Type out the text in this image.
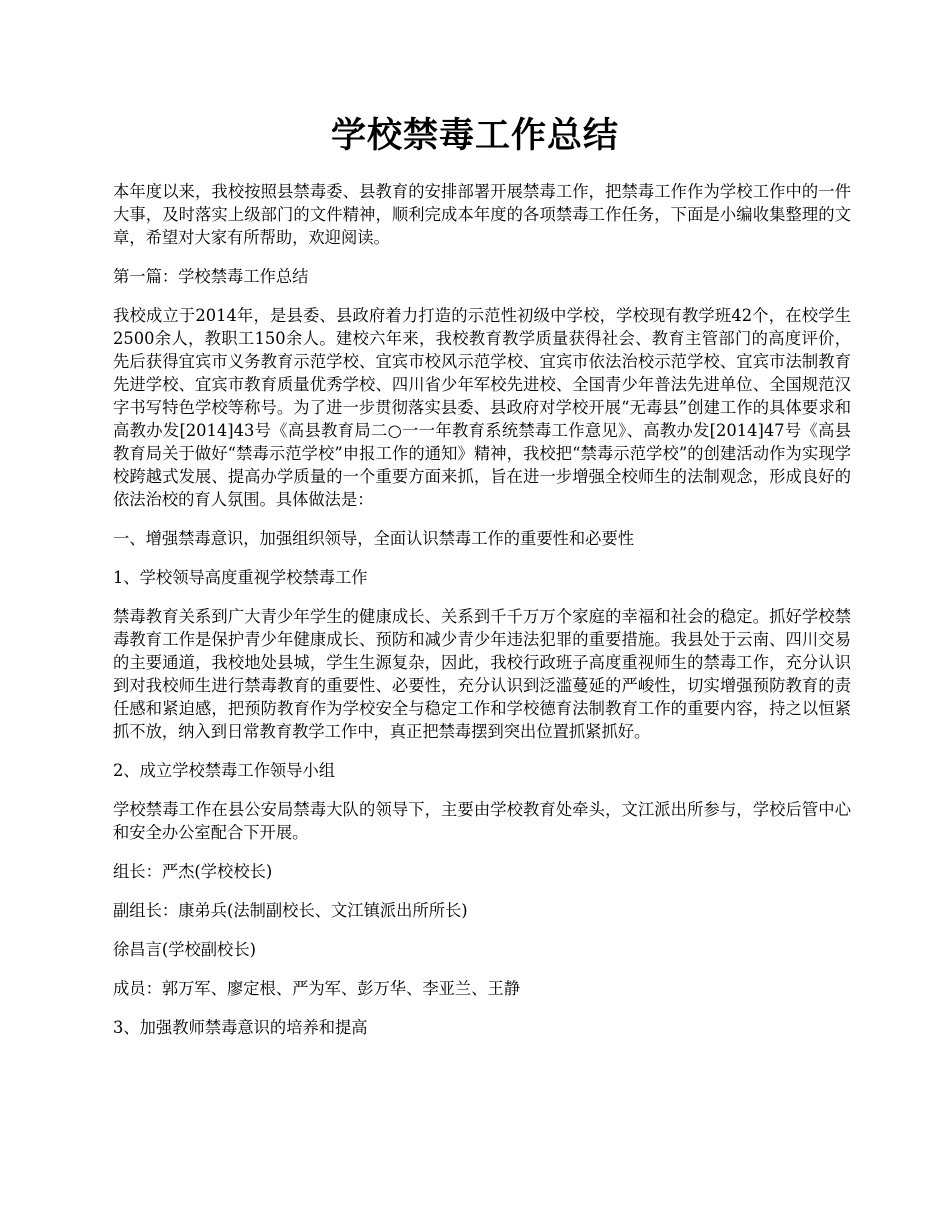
学校禁毒工作总结

本年度以来，我校按照县禁毒委、县教育的安排部署开展禁毒工作，把禁毒工作作为学校工作中的一件大事，及时落实上级部门的文件精神，顺利完成本年度的各项禁毒工作任务，下面是小编收集整理的文章，希望对大家有所帮助，欢迎阅读。

第一篇：学校禁毒工作总结

我校成立于2014年，是县委、县政府着力打造的示范性初级中学校，学校现有教学班42个，在校学生2500余人，教职工150余人。建校六年来，我校教育教学质量获得社会、教育主管部门的高度评价，先后获得宜宾市义务教育示范学校、宜宾市校风示范学校、宜宾市依法治校示范学校、宜宾市法制教育先进学校、宜宾市教育质量优秀学校、四川省少年军校先进校、全国青少年普法先进单位、全国规范汉字书写特色学校等称号。为了进一步贯彻落实县委、县政府对学校开展“无毒县”创建工作的具体要求和高教办发[2014]43号《高县教育局二○一一年教育系统禁毒工作意见》、高教办发[2014]47号《高县教育局关于做好“禁毒示范学校”申报工作的通知》精神，我校把“禁毒示范学校”的创建活动作为实现学校跨越式发展、提高办学质量的一个重要方面来抓，旨在进一步增强全校师生的法制观念，形成良好的依法治校的育人氛围。具体做法是：

一、增强禁毒意识，加强组织领导，全面认识禁毒工作的重要性和必要性

1、学校领导高度重视学校禁毒工作

禁毒教育关系到广大青少年学生的健康成长、关系到千千万万个家庭的幸福和社会的稳定。抓好学校禁毒教育工作是保护青少年健康成长、预防和减少青少年违法犯罪的重要措施。我县处于云南、四川交易的主要通道，我校地处县城，学生生源复杂，因此，我校行政班子高度重视师生的禁毒工作，充分认识到对我校师生进行禁毒教育的重要性、必要性，充分认识到泛滥蔓延的严峻性，切实增强预防教育的责任感和紧迫感，把预防教育作为学校安全与稳定工作和学校德育法制教育工作的重要内容，持之以恒紧抓不放，纳入到日常教育教学工作中，真正把禁毒摆到突出位置抓紧抓好。

2、成立学校禁毒工作领导小组

学校禁毒工作在县公安局禁毒大队的领导下，主要由学校教育处牵头，文江派出所参与，学校后管中心和安全办公室配合下开展。

组长：严杰(学校校长)

副组长：康弟兵(法制副校长、文江镇派出所所长)

徐昌言(学校副校长)

成员：郭万军、廖定根、严为军、彭万华、李亚兰、王静

3、加强教师禁毒意识的培养和提高
